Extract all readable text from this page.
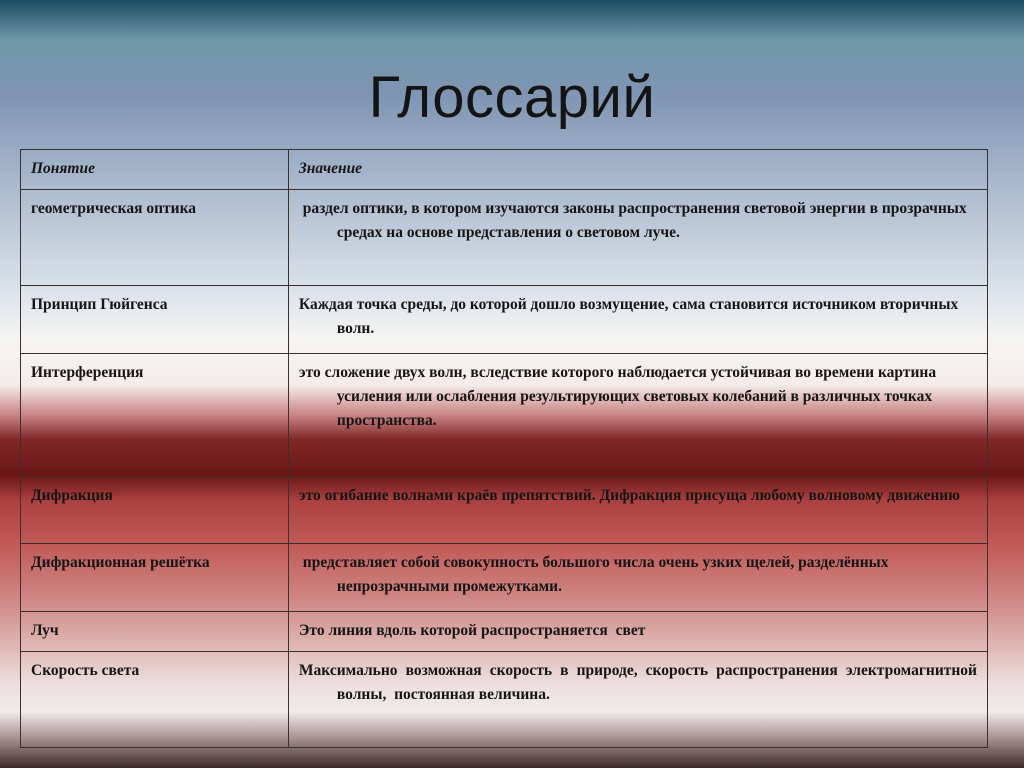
Глоссарий
Понятие	Значение
геометрическая оптика	раздел оптики, в котором изучаются законы распространения световой энергии в прозрачных средах на основе представления о световом луче.

Принцип Гюйгенса	Каждая точка среды, до которой дошло возмущение, сама становится источником вторичных волн.

Интерференция	это сложение двух волн, вследствие которого наблюдается устойчивая во времени картина усиления или ослабления результирующих световых колебаний в различных точках пространства.

Дифракция	это огибание волнами краёв препятствий. Дифракция присуща любому волновому движению

Дифракционная решётка	представляет собой совокупность большого числа очень узких щелей, разделённых непрозрачными промежутками.

Луч	Это линия вдоль которой распространяется  свет

Скорость света	Максимально возможная скорость в природе, скорость распространения электромагнитной волны,  постоянная величина.
